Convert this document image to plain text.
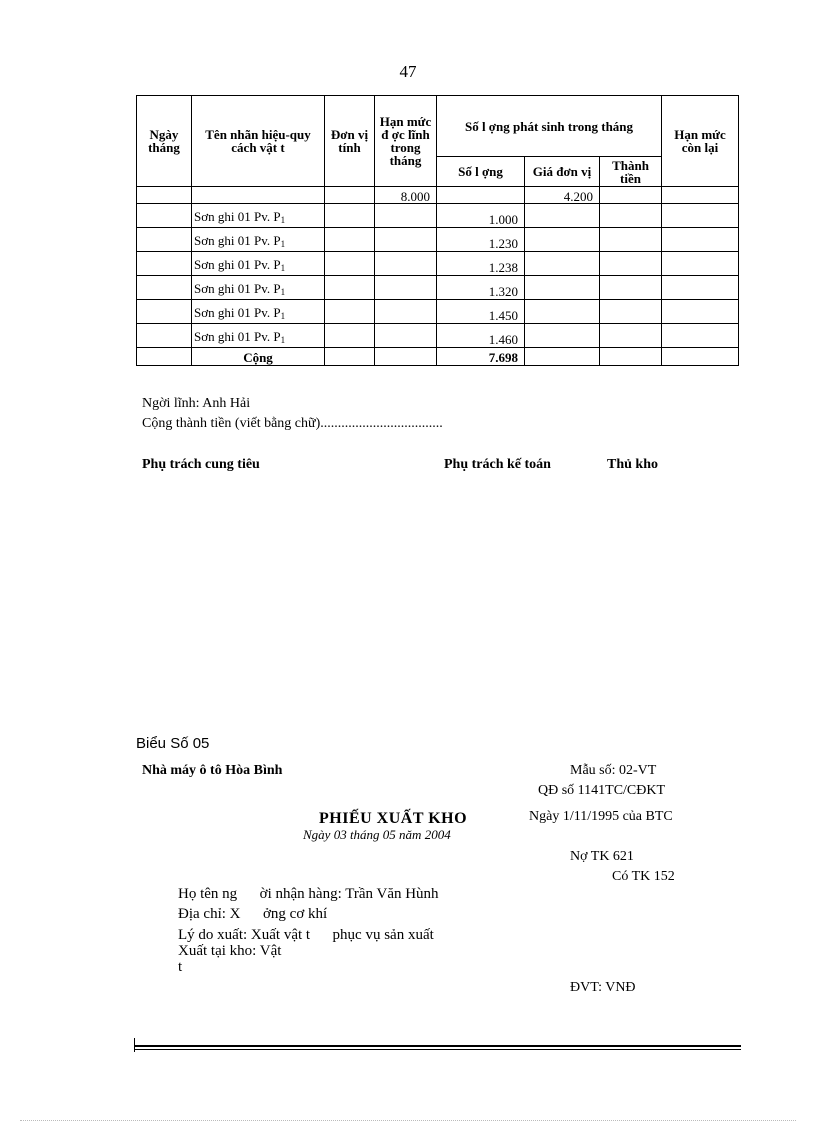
47
Ngày tháng	Tên nhãn hiệu-quy cách vật t	Đơn vị tính	Hạn mức đ ợc lĩnh trong tháng	Số l ợng phát sinh trong tháng			Hạn mức còn lại
				Số l ợng	Giá đơn vị	Thành tiền	
			8.000		4.200		
	Sơn ghi 01 Pv. $P_1$			1.000			
	Sơn ghi 01 Pv. $P_1$			1.230			
	Sơn ghi 01 Pv. $P_1$			1.238			
	Sơn ghi 01 Pv. $P_1$			1.320			
	Sơn ghi 01 Pv. $P_1$			1.450			
	Sơn ghi 01 Pv. $P_1$			1.460			
	Cộng			7.698			
Ngời lĩnh: Anh Hải
Cộng thành tiền (viết bằng chữ)...................................
Phụ trách cung tiêu	Phụ trách kế toán	Thủ kho
Biểu Số 05
Nhà máy ô tô Hòa Bình	Mẫu số: 02-VT
QĐ số 1141TC/CĐKT
Ngày 1/11/1995 của BTC
PHIẾU XUẤT KHO
Ngày 03 tháng 05 năm 2004
Nợ TK 621
Có TK 152
Họ tên ng      ời nhận hàng: Trần Văn Hùnh
Địa chỉ: X      ởng cơ khí
Lý do xuất: Xuất vật t      phục vụ sản xuất
Xuất tại kho: Vật
t
ĐVT: VNĐ
